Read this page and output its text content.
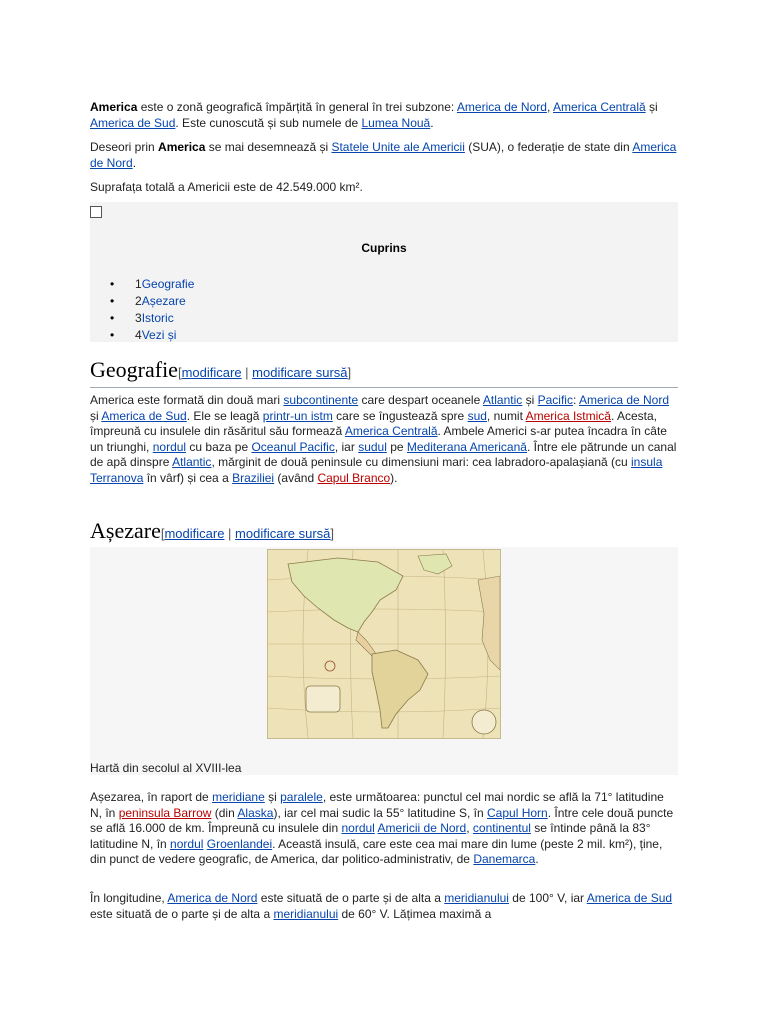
America este o zonă geografică împărțită în general în trei subzone: America de Nord, America Centrală și America de Sud. Este cunoscută și sub numele de Lumea Nouă.

Deseori prin America se mai desemnează și Statele Unite ale Americii (SUA), o federație de state din America de Nord.

Suprafața totală a Americii este de 42.549.000 km².

Cuprins
• 1Geografie
• 2Așezare
• 3Istoric
• 4Vezi și
Geografie[modificare | modificare sursă]

America este formată din două mari subcontinente care despart oceanele Atlantic și Pacific: America de Nord și America de Sud. Ele se leagă printr-un istm care se îngustează spre sud, numit America Istmică. Acesta, împreună cu insulele din răsăritul său formează America Centrală. Ambele Americi s-ar putea încadra în câte un triunghi, nordul cu baza pe Oceanul Pacific, iar sudul pe Mediterana Americană. Între ele pătrunde un canal de apă dinspre Atlantic, mărginit de două peninsule cu dimensiuni mari: cea labradoro-apalașiană (cu insula Terranova în vârf) și cea a Braziliei (având Capul Branco).

Așezare[modificare | modificare sursă]
Hartă din secolul al XVIII-lea

Așezarea, în raport de meridiane și paralele, este următoarea: punctul cel mai nordic se află la 71° latitudine N, în peninsula Barrow (din Alaska), iar cel mai sudic la 55° latitudine S, în Capul Horn. Între cele două puncte se află 16.000 de km. Împreună cu insulele din nordul Americii de Nord, continentul se întinde până la 83° latitudine N, în nordul Groenlandei. Această insulă, care este cea mai mare din lume (peste 2 mil. km²), ține, din punct de vedere geografic, de America, dar politico-administrativ, de Danemarca.

În longitudine, America de Nord este situată de o parte și de alta a meridianului de 100° V, iar America de Sud este situată de o parte și de alta a meridianului de 60° V. Lățimea maximă a
